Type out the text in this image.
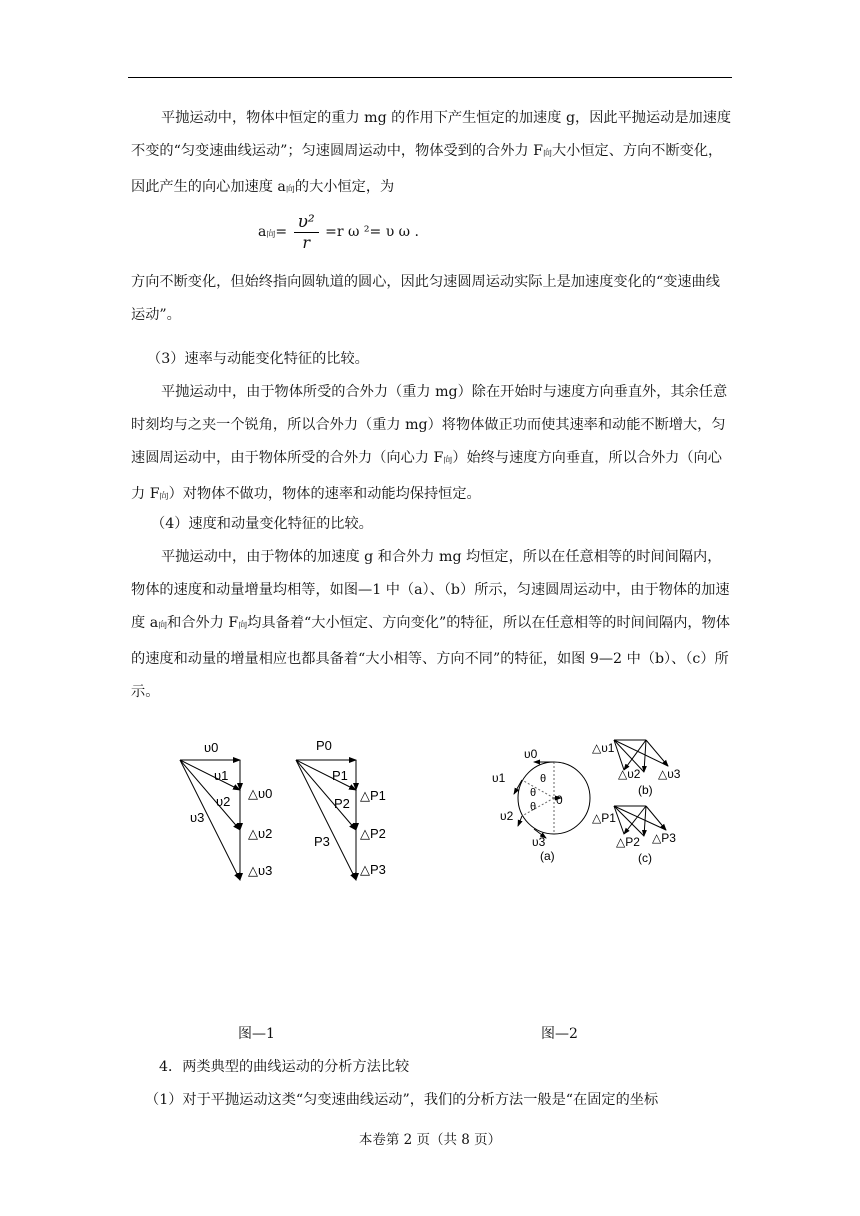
平抛运动中，物体中恒定的重力 mg 的作用下产生恒定的加速度 g，因此平抛运动是加速度不变的“匀变速曲线运动”；匀速圆周运动中，物体受到的合外力 $F_向$大小恒定、方向不断变化，因此产生的向心加速度 $a_向$的大小恒定，为

$a_向= \frac{\text{υ²}}{r} =r$ ω ²= υ ω .

方向不断变化，但始终指向圆轨道的圆心，因此匀速圆周运动实际上是加速度变化的“变速曲线运动”。

（3）速率与动能变化特征的比较。

平抛运动中，由于物体所受的合外力（重力 mg）除在开始时与速度方向垂直外，其余任意时刻均与之夹一个锐角，所以合外力（重力 mg）将物体做正功而使其速率和动能不断增大，匀速圆周运动中，由于物体所受的合外力（向心力 $F_向$）始终与速度方向垂直，所以合外力（向心力 $F_向$）对物体不做功，物体的速率和动能均保持恒定。

（4）速度和动量变化特征的比较。

平抛运动中，由于物体的加速度 g 和合外力 mg 均恒定，所以在任意相等的时间间隔内，物体的速度和动量增量均相等，如图—1 中（a）、（b）所示，匀速圆周运动中，由于物体的加速度 $a_向$和合外力 $F_向$均具备着“大小恒定、方向变化”的特征，所以在任意相等的时间间隔内，物体的速度和动量的增量相应也都具备着“大小相等、方向不同”的特征，如图 9—2 中（b）、（c）所示。

υ0
υ1
υ2
υ3
△υ0
△υ2
△υ3
P0
P1
P2
P3
△P1
△P2
△P3
υ0
υ1
υ2
υ3
θ
θ
θ 0
(a)
△υ1
△υ2 △υ3
(b)
△P1
△P2 △P3
(c)
图—1	图—2

4．两类典型的曲线运动的分析方法比较

（1）对于平抛运动这类“匀变速曲线运动”，我们的分析方法一般是“在固定的坐标

本卷第 2 页（共 8 页）
